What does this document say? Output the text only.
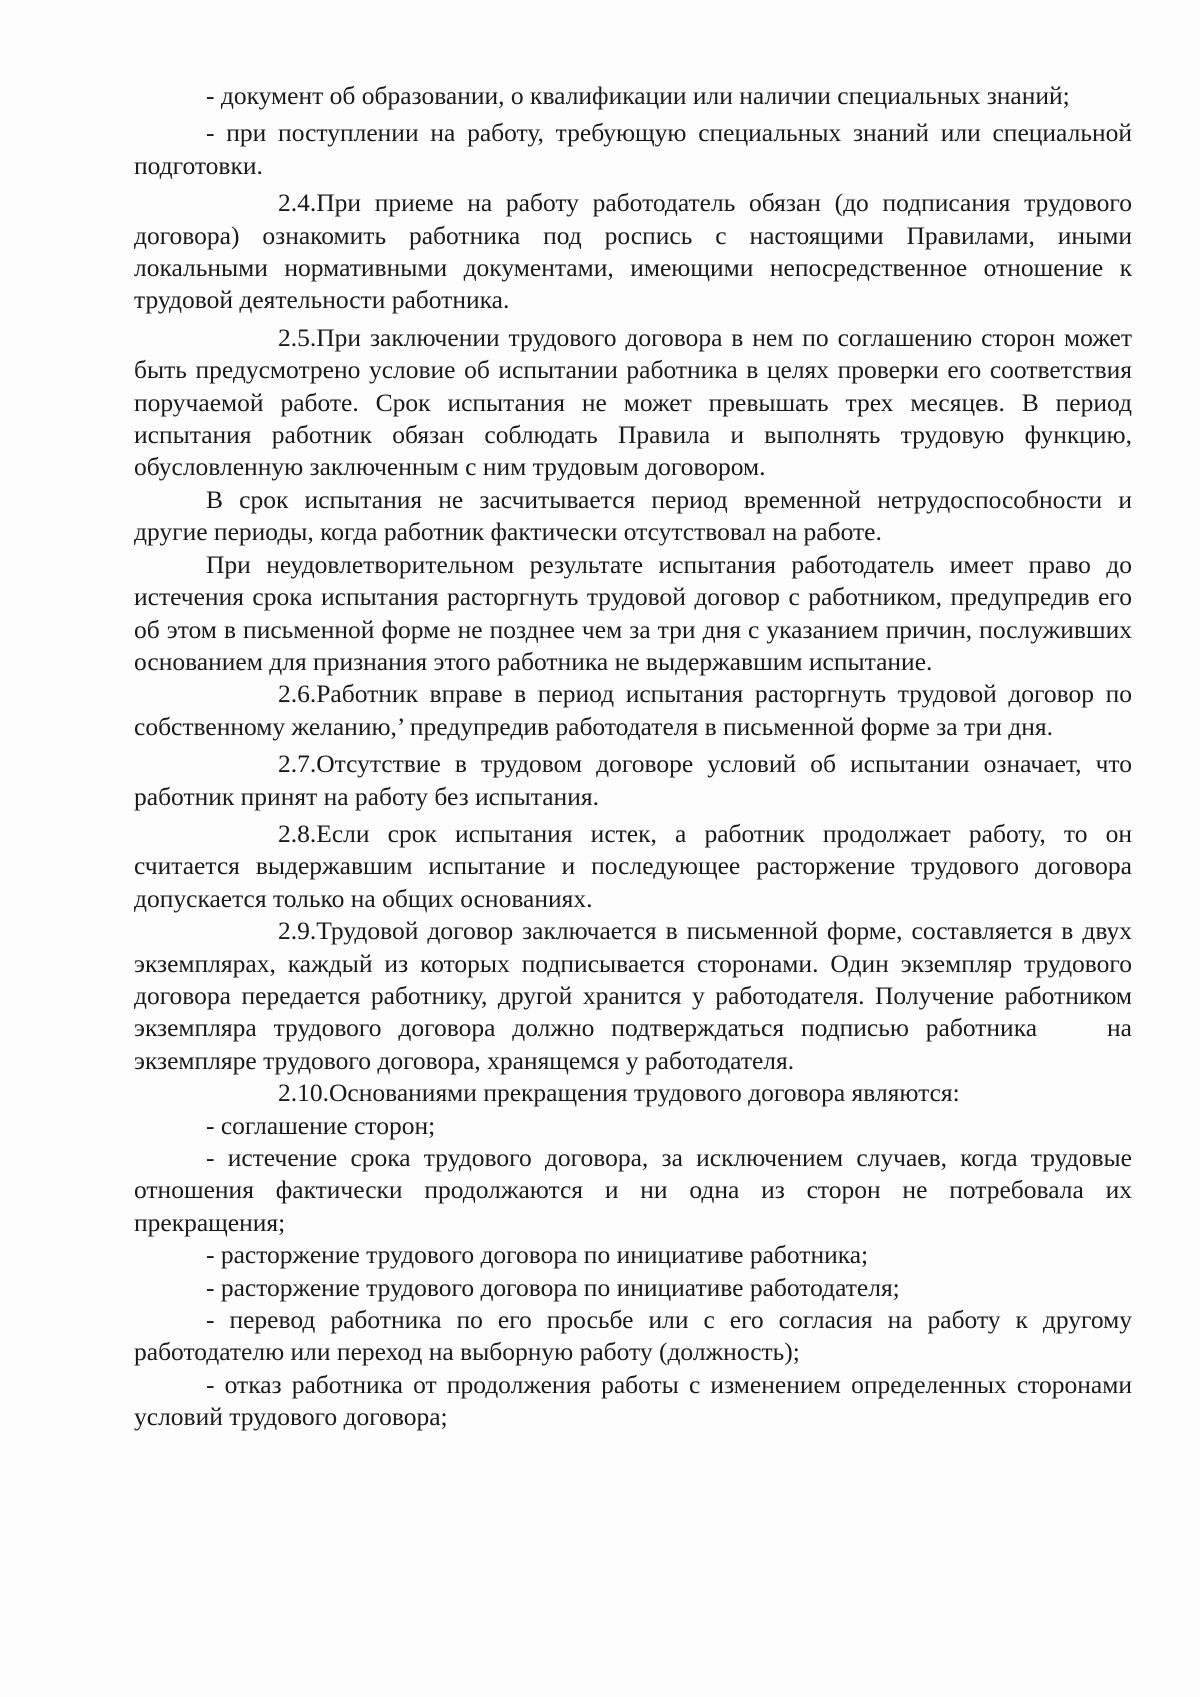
- документ об образовании, о квалификации или наличии специальных знаний;

- при поступлении на работу, требующую специальных знаний или специальной подготовки.

2.4.При приеме на работу работодатель обязан (до подписания трудового договора) ознакомить работника под роспись с настоящими Правилами, иными локальными нормативными документами, имеющими непосредственное отношение к трудовой деятельности работника.

2.5.При заключении трудового договора в нем по соглашению сторон может быть предусмотрено условие об испытании работника в целях проверки его соответствия поручаемой работе. Срок испытания не может превышать трех месяцев. В период испытания работник обязан соблюдать Правила и выполнять трудовую функцию, обусловленную заключенным с ним трудовым договором.

В срок испытания не засчитывается период временной нетрудоспособности и другие периоды, когда работник фактически отсутствовал на работе.

При неудовлетворительном результате испытания работодатель имеет право до истечения срока испытания расторгнуть трудовой договор с работником, предупредив его об этом в письменной форме не позднее чем за три дня с указанием причин, послуживших основанием для признания этого работника не выдержавшим испытание.

2.6.Работник вправе в период испытания расторгнуть трудовой договор по собственному желанию,’ предупредив работодателя в письменной форме за три дня.

2.7.Отсутствие в трудовом договоре условий об испытании означает, что работник принят на работу без испытания.

2.8.Если срок испытания истек, а работник продолжает работу, то он считается выдержавшим испытание и последующее расторжение трудового договора допускается только на общих основаниях.

2.9.Трудовой договор заключается в письменной форме, составляется в двух экземплярах, каждый из которых подписывается сторонами. Один экземпляр трудового договора передается работнику, другой хранится у работодателя. Получение работником экземпляра трудового договора должно подтверждаться подписью работника	на экземпляре трудового договора, хранящемся у работодателя.

2.10.Основаниями прекращения трудового договора являются:

- соглашение сторон;

- истечение срока трудового договора, за исключением случаев, когда трудовые отношения фактически продолжаются и ни одна из сторон не потребовала их прекращения;

- расторжение трудового договора по инициативе работника;

- расторжение трудового договора по инициативе работодателя;

- перевод работника по его просьбе или с его согласия на работу к другому работодателю или переход на выборную работу (должность);

- отказ работника от продолжения работы с изменением определенных сторонами условий трудового договора;
